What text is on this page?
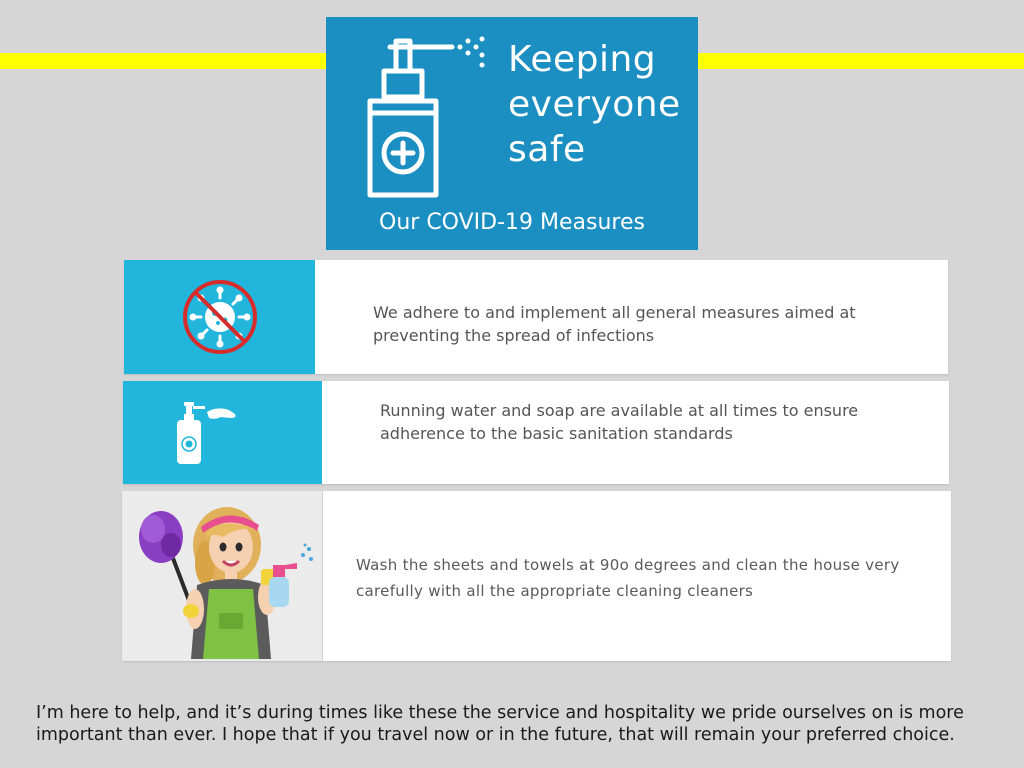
Keeping
everyone
safe
Our COVID-19 Measures
We adhere to and implement all general measures aimed at preventing the spread of infections
Running water and soap are available at all times to ensure adherence to the basic sanitation standards
Wash the sheets and towels at 90o degrees and clean the house very carefully with all the appropriate cleaning cleaners
I’m here to help, and it’s during times like these the service and hospitality we pride ourselves on is more important than ever. I hope that if you travel now or in the future, that will remain your preferred choice.
